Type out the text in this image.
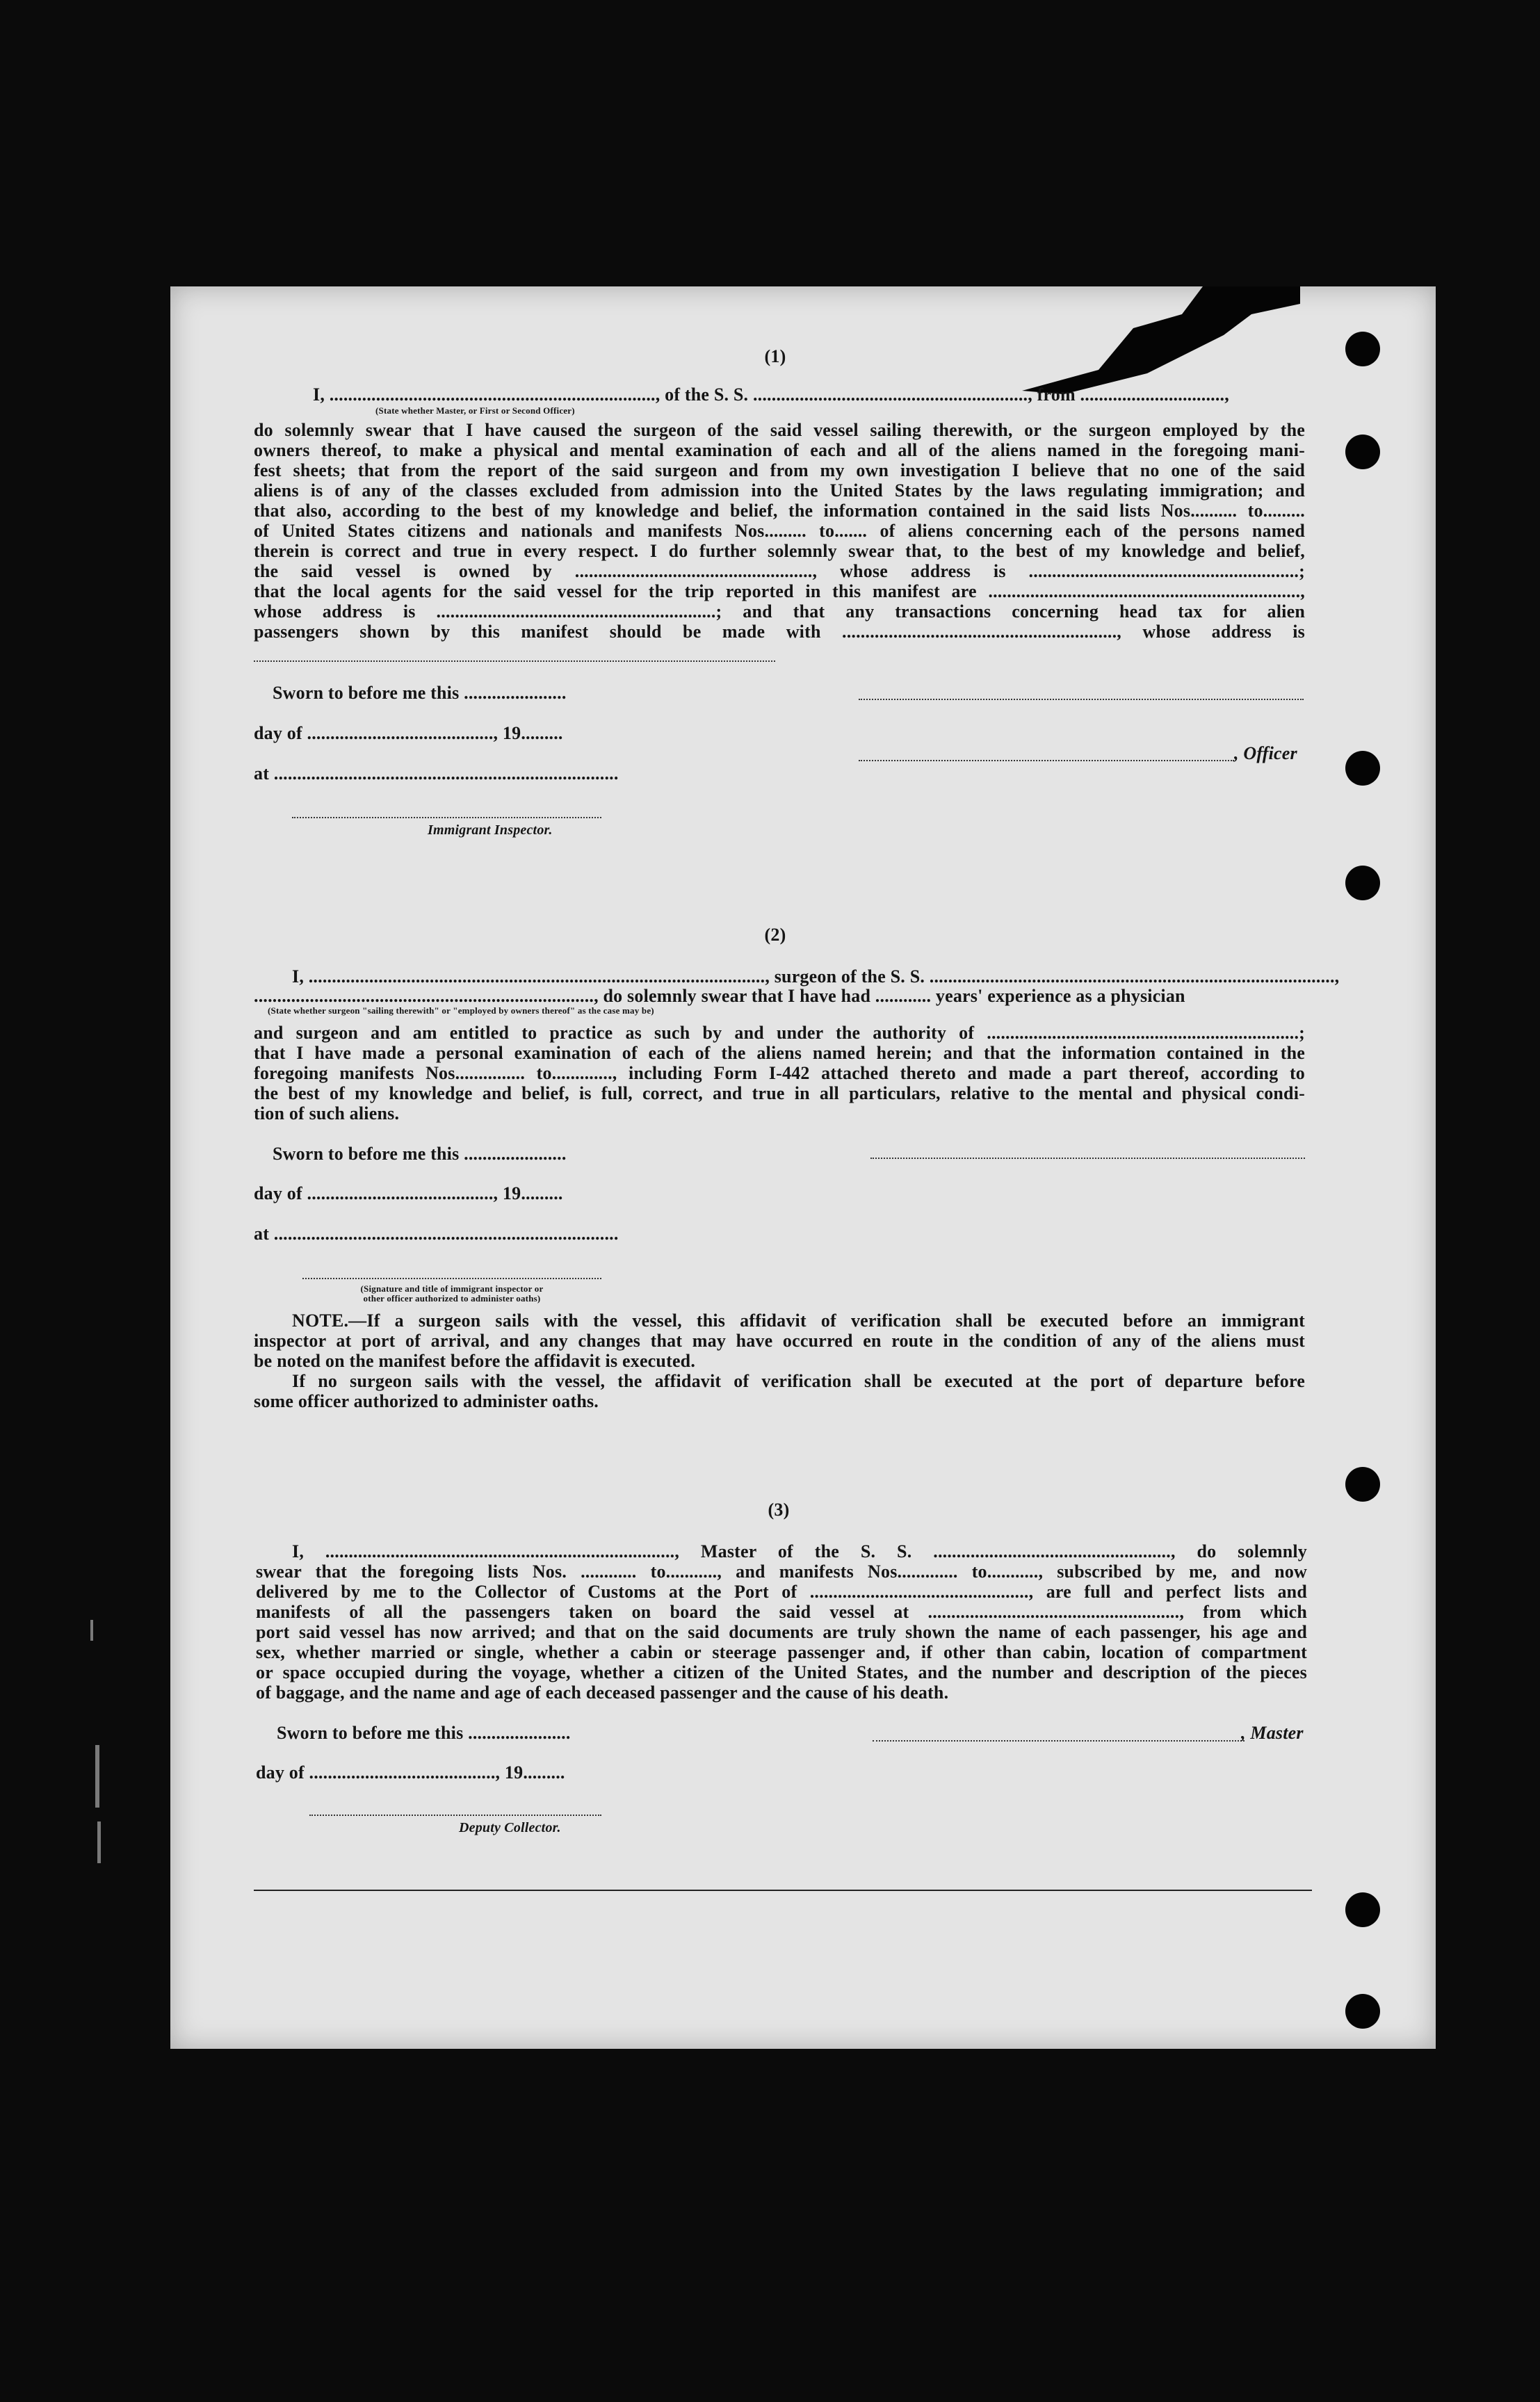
(1)
I, ......................................................................, of the S. S. ..........................................................., from ...............................,
(State whether Master, or First or Second Officer)
do solemnly swear that I have caused the surgeon of the said vessel sailing therewith, or the surgeon employed by the
owners thereof, to make a physical and mental examination of each and all of the aliens named in the foregoing mani-
fest sheets; that from the report of the said surgeon and from my own investigation I believe that no one of the said
aliens is of any of the classes excluded from admission into the United States by the laws regulating immigration; and
that also, according to the best of my knowledge and belief, the information contained in the said lists Nos.......... to.........
of United States citizens and nationals and manifests Nos......... to....... of aliens concerning each of the persons named
therein is correct and true in every respect. I do further solemnly swear that, to the best of my knowledge and belief,
the said vessel is owned by ..................................................., whose address is ..........................................................;
that the local agents for the said vessel for the trip reported in this manifest are ...................................................................,
whose address is ............................................................; and that any transactions concerning head tax for alien
passengers shown by this manifest should be made with ..........................................................., whose address is
Sworn to before me this ......................
day of ........................................, 19.........
, Officer
at ..........................................................................
Immigrant Inspector.
(2)
I, .................................................................................................., surgeon of the S. S. .......................................................................................,
........................................................................., do solemnly swear that I have had ............ years' experience as a physician
(State whether surgeon "sailing therewith" or "employed by owners thereof" as the case may be)
and surgeon and am entitled to practice as such by and under the authority of ...................................................................;
that I have made a personal examination of each of the aliens named herein; and that the information contained in the
foregoing manifests Nos............... to............., including Form I-442 attached thereto and made a part thereof, according to
the best of my knowledge and belief, is full, correct, and true in all particulars, relative to the mental and physical condi-
tion of such aliens.
Sworn to before me this ......................
day of ........................................, 19.........
at ..........................................................................
(Signature and title of immigrant inspector or
other officer authorized to administer oaths)
NOTE.—If a surgeon sails with the vessel, this affidavit of verification shall be executed before an immigrant
inspector at port of arrival, and any changes that may have occurred en route in the condition of any of the aliens must
be noted on the manifest before the affidavit is executed.
If no surgeon sails with the vessel, the affidavit of verification shall be executed at the port of departure before
some officer authorized to administer oaths.
(3)
I, ..........................................................................., Master of the S. S. ..................................................., do solemnly
swear that the foregoing lists Nos. ............ to..........., and manifests Nos............. to..........., subscribed by me, and now
delivered by me to the Collector of Customs at the Port of ..............................................., are full and perfect lists and
manifests of all the passengers taken on board the said vessel at ......................................................, from which
port said vessel has now arrived; and that on the said documents are truly shown the name of each passenger, his age and
sex, whether married or single, whether a cabin or steerage passenger and, if other than cabin, location of compartment
or space occupied during the voyage, whether a citizen of the United States, and the number and description of the pieces
of baggage, and the name and age of each deceased passenger and the cause of his death.
Sworn to before me this ......................	, Master
day of ........................................, 19.........
Deputy Collector.
